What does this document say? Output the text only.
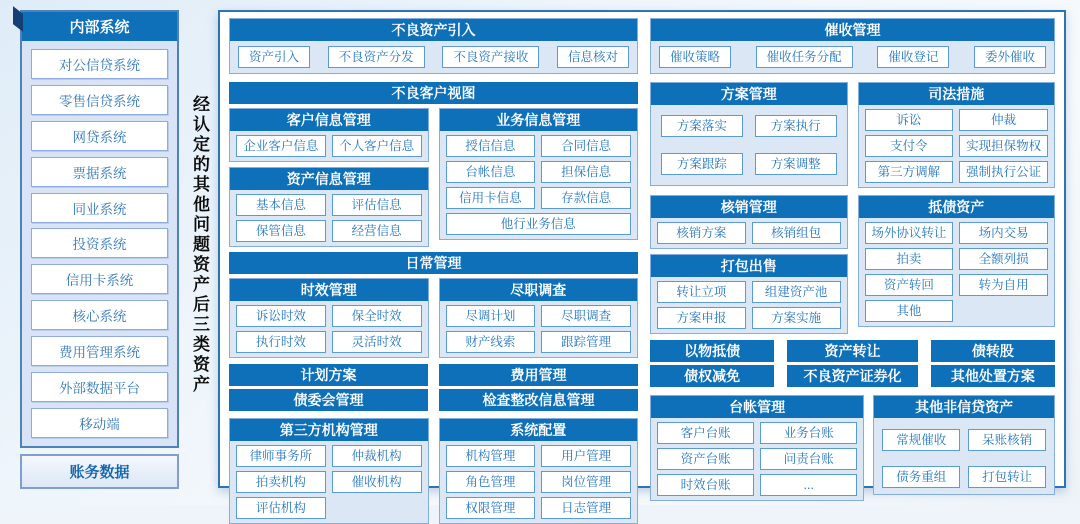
内部系统
对公信贷系统
零售信贷系统
网贷系统
票据系统
同业系统
投资系统
信用卡系统
核心系统
费用管理系统
外部数据平台
移动端
账务数据
经认定的其他问题资产后三类资产
不良资产引入
资产引入	不良资产分发	不良资产接收	信息核对
不良客户视图
客户信息管理
企业客户信息	个人客户信息
资产信息管理
基本信息	评估信息
保管信息	经营信息
业务信息管理
授信信息	合同信息
台帐信息	担保信息
信用卡信息	存款信息
他行业务信息
日常管理
时效管理
诉讼时效	保全时效
执行时效	灵活时效
尽职调查
尽调计划	尽职调查
财产线索	跟踪管理
计划方案	费用管理
债委会管理	检查整改信息管理
第三方机构管理
律师事务所	仲裁机构
拍卖机构	催收机构
评估机构
系统配置
机构管理	用户管理
角色管理	岗位管理
权限管理	日志管理
催收管理
催收策略	催收任务分配	催收登记	委外催收
方案管理
方案落实	方案执行
方案跟踪	方案调整
司法措施
诉讼	仲裁
支付令	实现担保物权
第三方调解	强制执行公证
核销管理
核销方案	核销组包
打包出售
转让立项	组建资产池
方案申报	方案实施
抵债资产
场外协议转让	场内交易
拍卖	全额列损
资产转回	转为自用
其他
以物抵债	资产转让	债转股
债权减免	不良资产证券化	其他处置方案
台帐管理
客户台账	业务台账
资产台账	问责台账
时效台账	...
其他非信贷资产
常规催收	呆账核销
债务重组	打包转让
